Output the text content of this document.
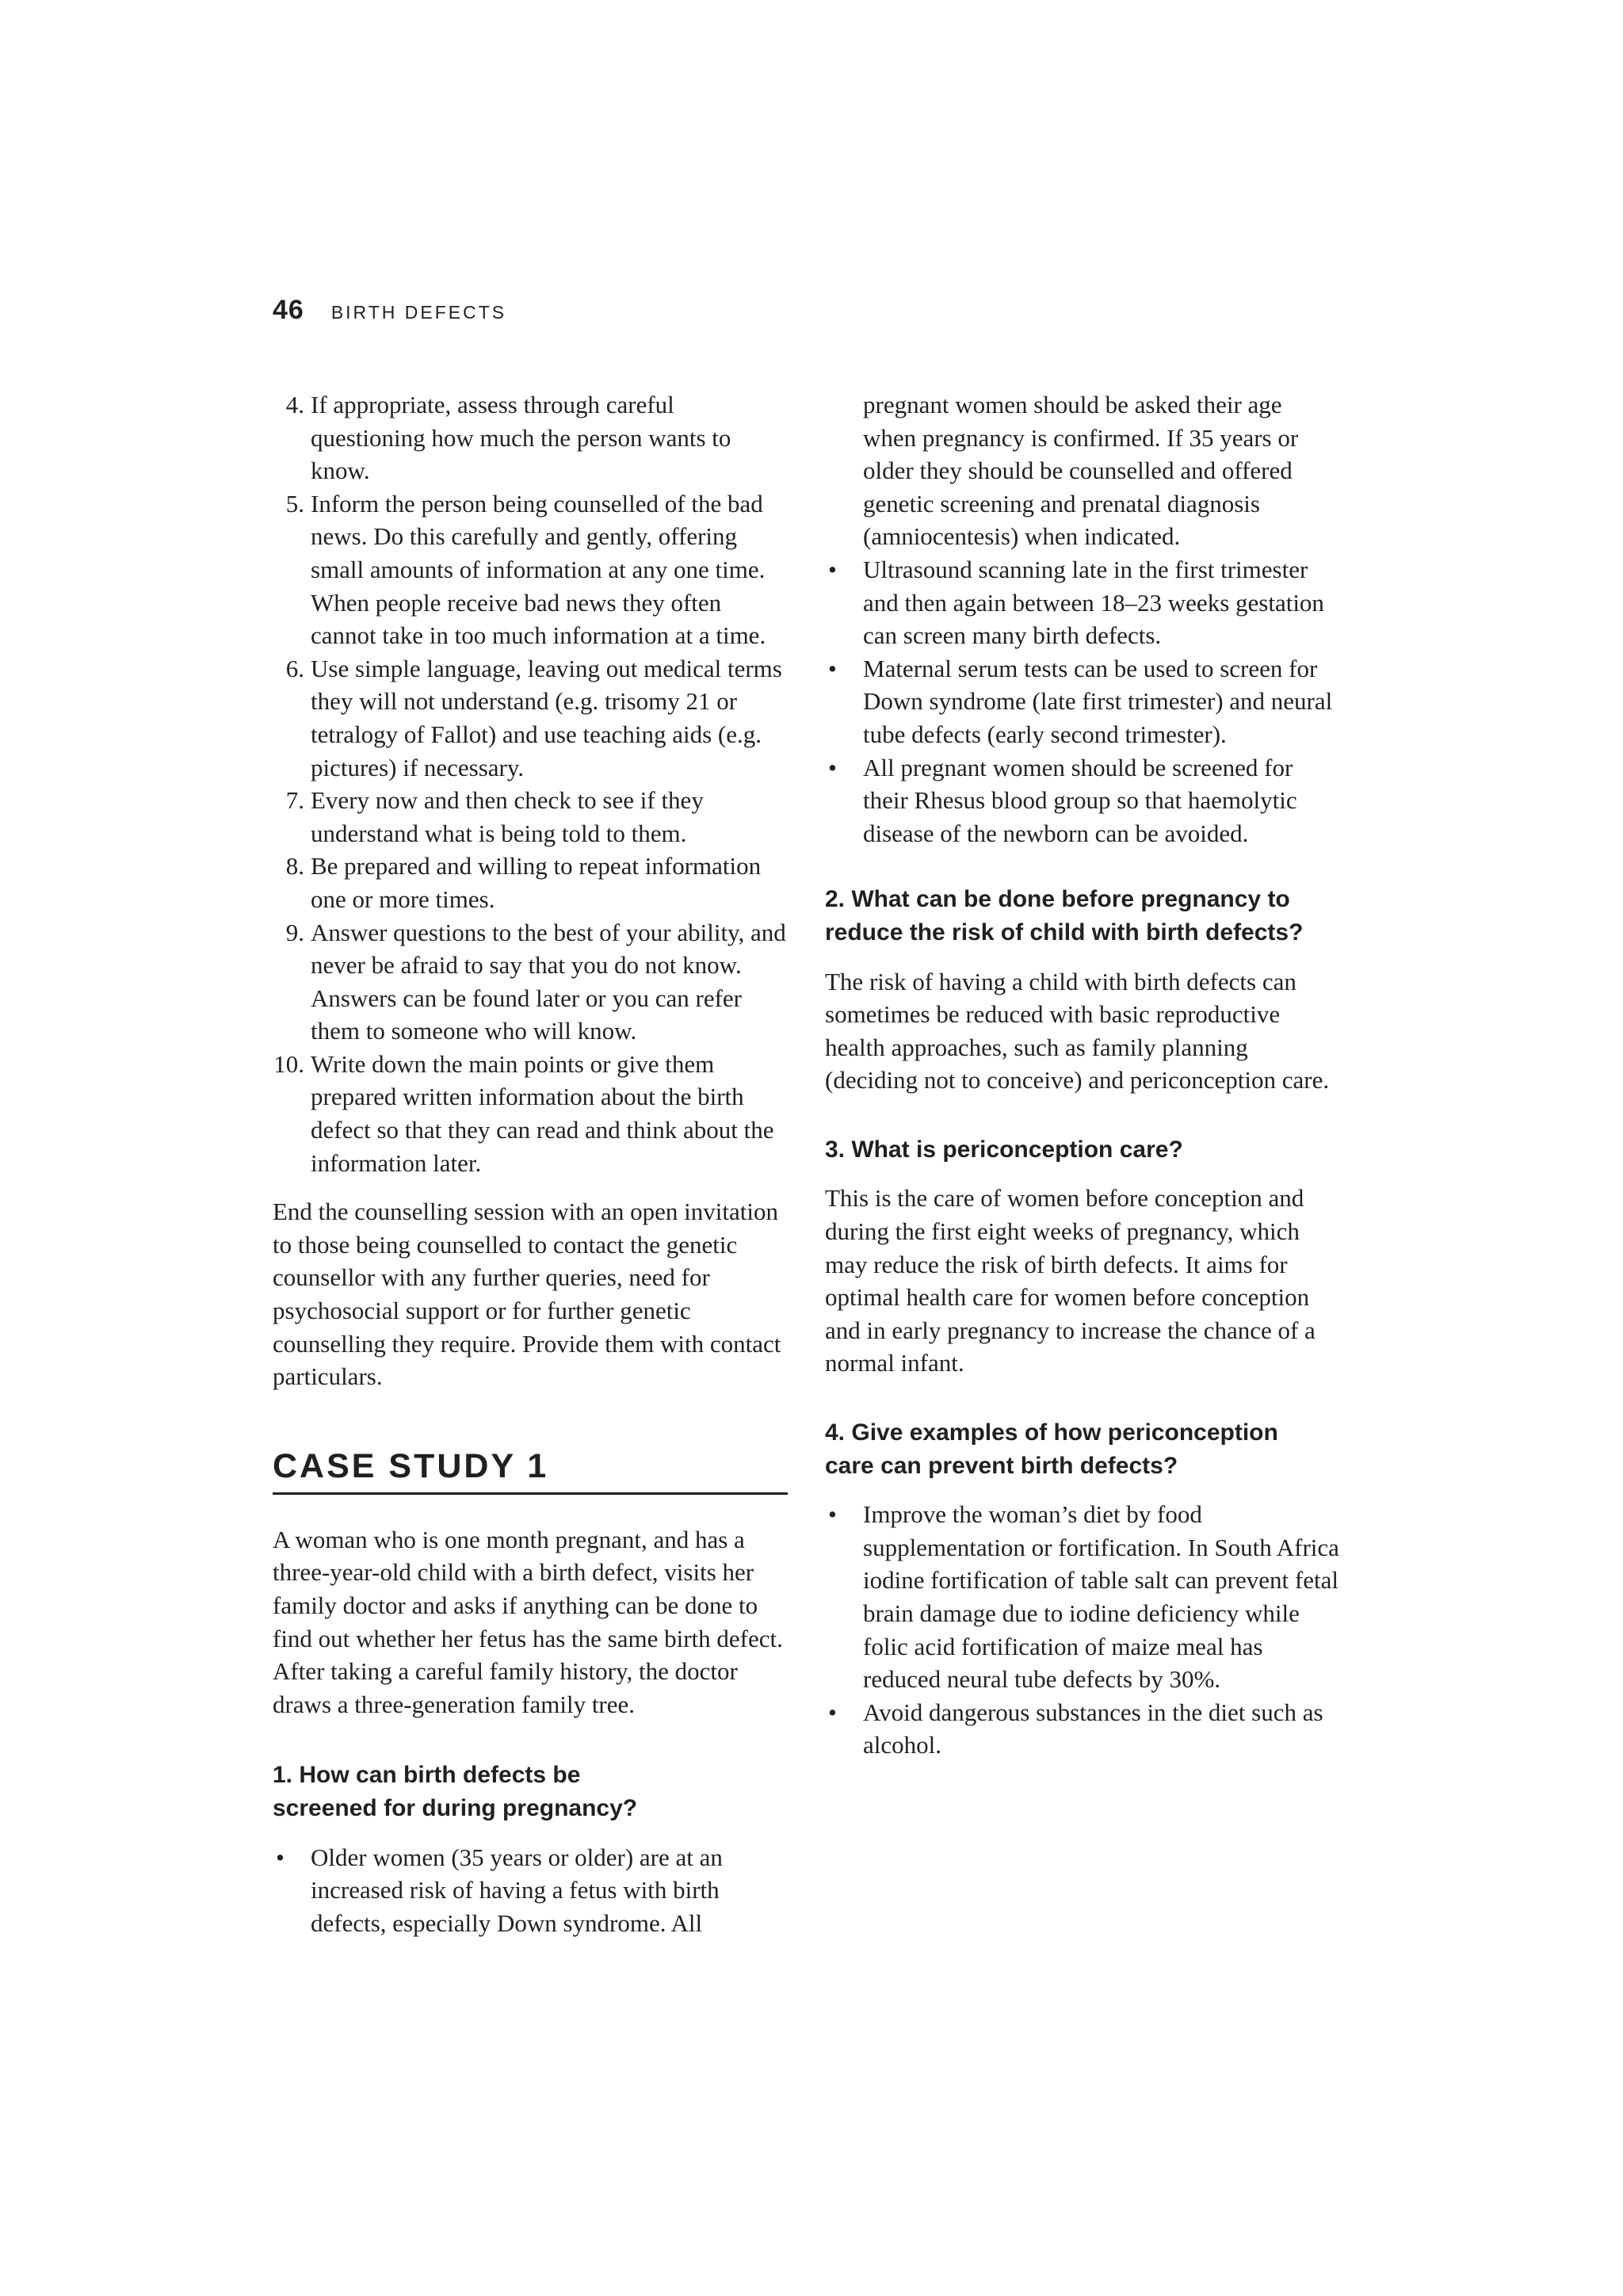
46 BIRTH DEFECTS
4. If appropriate, assess through careful questioning how much the person wants to know.
5. Inform the person being counselled of the bad news. Do this carefully and gently, offering small amounts of information at any one time. When people receive bad news they often cannot take in too much information at a time.
6. Use simple language, leaving out medical terms they will not understand (e.g. trisomy 21 or tetralogy of Fallot) and use teaching aids (e.g. pictures) if necessary.
7. Every now and then check to see if they understand what is being told to them.
8. Be prepared and willing to repeat information one or more times.
9. Answer questions to the best of your ability, and never be afraid to say that you do not know. Answers can be found later or you can refer them to someone who will know.
10. Write down the main points or give them prepared written information about the birth defect so that they can read and think about the information later.

End the counselling session with an open invitation to those being counselled to contact the genetic counsellor with any further queries, need for psychosocial support or for further genetic counselling they require. Provide them with contact particulars.

CASE STUDY 1

A woman who is one month pregnant, and has a three-year-old child with a birth defect, visits her family doctor and asks if anything can be done to find out whether her fetus has the same birth defect. After taking a careful family history, the doctor draws a three-generation family tree.

1. How can birth defects be
screened for during pregnancy?
• Older women (35 years or older) are at an increased risk of having a fetus with birth defects, especially Down syndrome. All

pregnant women should be asked their age when pregnancy is confirmed. If 35 years or older they should be counselled and offered genetic screening and prenatal diagnosis (amniocentesis) when indicated.

• Ultrasound scanning late in the first trimester and then again between 18–23 weeks gestation can screen many birth defects.
• Maternal serum tests can be used to screen for Down syndrome (late first trimester) and neural tube defects (early second trimester).
• All pregnant women should be screened for their Rhesus blood group so that haemolytic disease of the newborn can be avoided.
2. What can be done before pregnancy to
reduce the risk of child with birth defects?

The risk of having a child with birth defects can sometimes be reduced with basic reproductive health approaches, such as family planning (deciding not to conceive) and periconception care.

3. What is periconception care?

This is the care of women before conception and during the first eight weeks of pregnancy, which may reduce the risk of birth defects. It aims for optimal health care for women before conception and in early pregnancy to increase the chance of a normal infant.

4. Give examples of how periconception
care can prevent birth defects?
• Improve the woman’s diet by food supplementation or fortification. In South Africa iodine fortification of table salt can prevent fetal brain damage due to iodine deficiency while folic acid fortification of maize meal has reduced neural tube defects by 30%.
• Avoid dangerous substances in the diet such as alcohol.
